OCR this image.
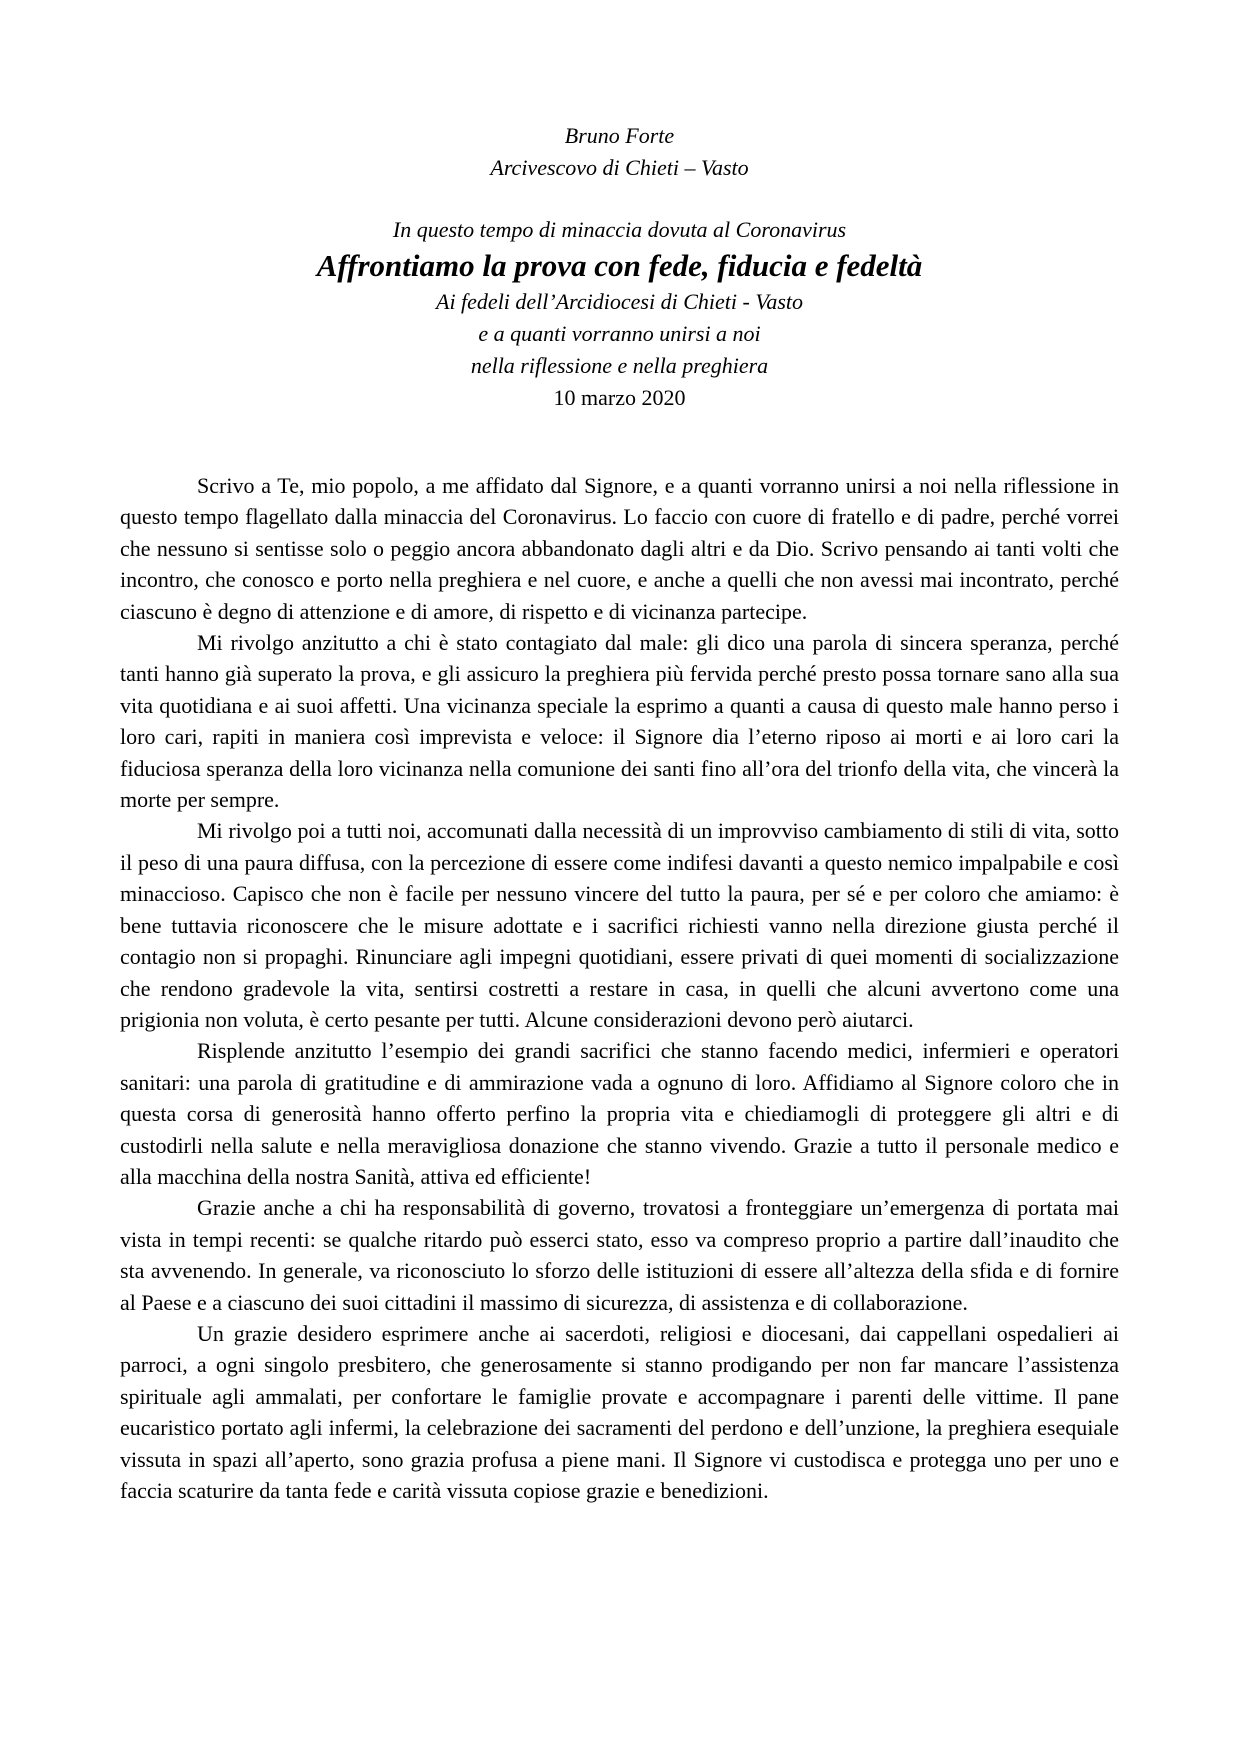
Bruno Forte
Arcivescovo di Chieti – Vasto
In questo tempo di minaccia dovuta al Coronavirus
Affrontiamo la prova con fede, fiducia e fedeltà
Ai fedeli dell’Arcidiocesi di Chieti - Vasto
e a quanti vorranno unirsi a noi
nella riflessione e nella preghiera
10 marzo 2020

Scrivo a Te, mio popolo, a me affidato dal Signore, e a quanti vorranno unirsi a noi nella riflessione in questo tempo flagellato dalla minaccia del Coronavirus. Lo faccio con cuore di fratello e di padre, perché vorrei che nessuno si sentisse solo o peggio ancora abbandonato dagli altri e da Dio. Scrivo pensando ai tanti volti che incontro, che conosco e porto nella preghiera e nel cuore, e anche a quelli che non avessi mai incontrato, perché ciascuno è degno di attenzione e di amore, di rispetto e di vicinanza partecipe.

Mi rivolgo anzitutto a chi è stato contagiato dal male: gli dico una parola di sincera speranza, perché tanti hanno già superato la prova, e gli assicuro la preghiera più fervida perché presto possa tornare sano alla sua vita quotidiana e ai suoi affetti. Una vicinanza speciale la esprimo a quanti a causa di questo male hanno perso i loro cari, rapiti in maniera così imprevista e veloce: il Signore dia l’eterno riposo ai morti e ai loro cari la fiduciosa speranza della loro vicinanza nella comunione dei santi fino all’ora del trionfo della vita, che vincerà la morte per sempre.

Mi rivolgo poi a tutti noi, accomunati dalla necessità di un improvviso cambiamento di stili di vita, sotto il peso di una paura diffusa, con la percezione di essere come indifesi davanti a questo nemico impalpabile e così minaccioso. Capisco che non è facile per nessuno vincere del tutto la paura, per sé e per coloro che amiamo: è bene tuttavia riconoscere che le misure adottate e i sacrifici richiesti vanno nella direzione giusta perché il contagio non si propaghi. Rinunciare agli impegni quotidiani, essere privati di quei momenti di socializzazione che rendono gradevole la vita, sentirsi costretti a restare in casa, in quelli che alcuni avvertono come una prigionia non voluta, è certo pesante per tutti. Alcune considerazioni devono però aiutarci.

Risplende anzitutto l’esempio dei grandi sacrifici che stanno facendo medici, infermieri e operatori sanitari: una parola di gratitudine e di ammirazione vada a ognuno di loro. Affidiamo al Signore coloro che in questa corsa di generosità hanno offerto perfino la propria vita e chiediamogli di proteggere gli altri e di custodirli nella salute e nella meravigliosa donazione che stanno vivendo. Grazie a tutto il personale medico e alla macchina della nostra Sanità, attiva ed efficiente!

Grazie anche a chi ha responsabilità di governo, trovatosi a fronteggiare un’emergenza di portata mai vista in tempi recenti: se qualche ritardo può esserci stato, esso va compreso proprio a partire dall’inaudito che sta avvenendo. In generale, va riconosciuto lo sforzo delle istituzioni di essere all’altezza della sfida e di fornire al Paese e a ciascuno dei suoi cittadini il massimo di sicurezza, di assistenza e di collaborazione.

Un grazie desidero esprimere anche ai sacerdoti, religiosi e diocesani, dai cappellani ospedalieri ai parroci, a ogni singolo presbitero, che generosamente si stanno prodigando per non far mancare l’assistenza spirituale agli ammalati, per confortare le famiglie provate e accompagnare i parenti delle vittime. Il pane eucaristico portato agli infermi, la celebrazione dei sacramenti del perdono e dell’unzione, la preghiera esequiale vissuta in spazi all’aperto, sono grazia profusa a piene mani. Il Signore vi custodisca e protegga uno per uno e faccia scaturire da tanta fede e carità vissuta copiose grazie e benedizioni.
